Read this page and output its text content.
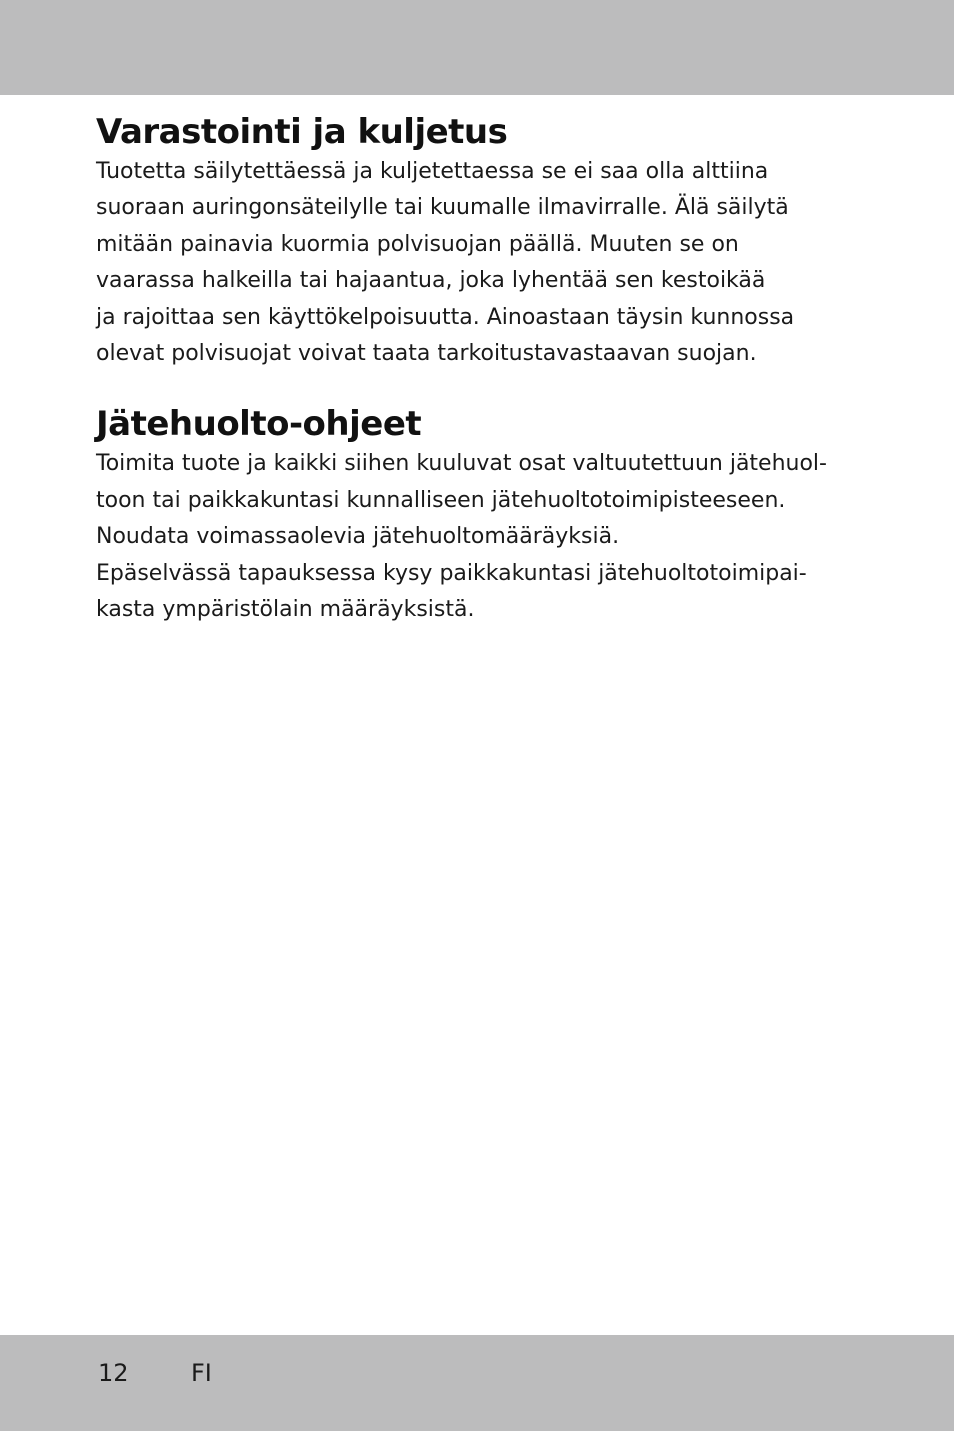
Varastointi ja kuljetus
Tuotetta säilytettäessä ja kuljetettaessa se ei saa olla alttiina
suoraan auringonsäteilylle tai kuumalle ilmavirralle. Älä säilytä
mitään painavia kuormia polvisuojan päällä. Muuten se on
vaarassa halkeilla tai hajaantua, joka lyhentää sen kestoikää
ja rajoittaa sen käyttökelpoisuutta. Ainoastaan täysin kunnossa
olevat polvisuojat voivat taata tarkoitustavastaavan suojan.
Jätehuolto-ohjeet
Toimita tuote ja kaikki siihen kuuluvat osat valtuutettuun jätehuol-
toon tai paikkakuntasi kunnalliseen jätehuoltotoimipisteeseen.
Noudata voimassaolevia jätehuoltomääräyksiä.
Epäselvässä tapauksessa kysy paikkakuntasi jätehuoltotoimipai-
kasta ympäristölain määräyksistä.
12	FI
